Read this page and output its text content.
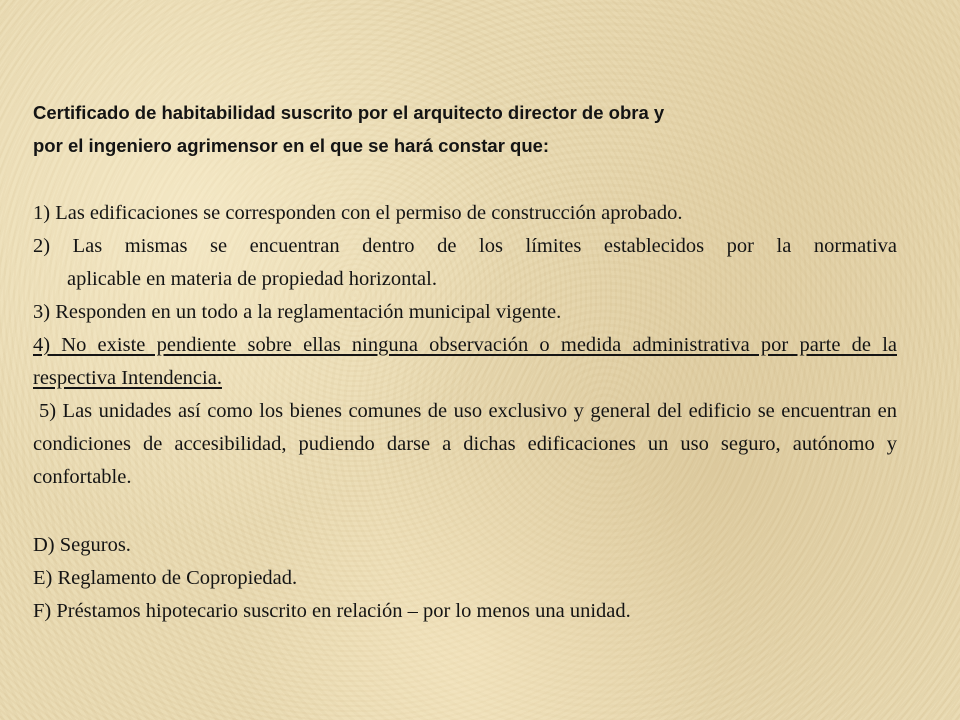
Certificado de habitabilidad suscrito por el arquitecto director de obra y
por el ingeniero agrimensor en el que se hará constar que:
1) Las edificaciones se corresponden con el permiso de construcción aprobado.
2) Las mismas se encuentran dentro de los límites establecidos por la normativa
aplicable en materia de propiedad horizontal.
3) Responden en un todo a la reglamentación municipal vigente.
4) No existe pendiente sobre ellas ninguna observación o medida administrativa por parte de la respectiva Intendencia.
5) Las unidades así como los bienes comunes de uso exclusivo y general del edificio se encuentran en condiciones de accesibilidad, pudiendo darse a dichas edificaciones un uso seguro, autónomo y confortable.
D) Seguros.
E) Reglamento de Copropiedad.
F) Préstamos hipotecario suscrito en relación – por lo menos una unidad.
